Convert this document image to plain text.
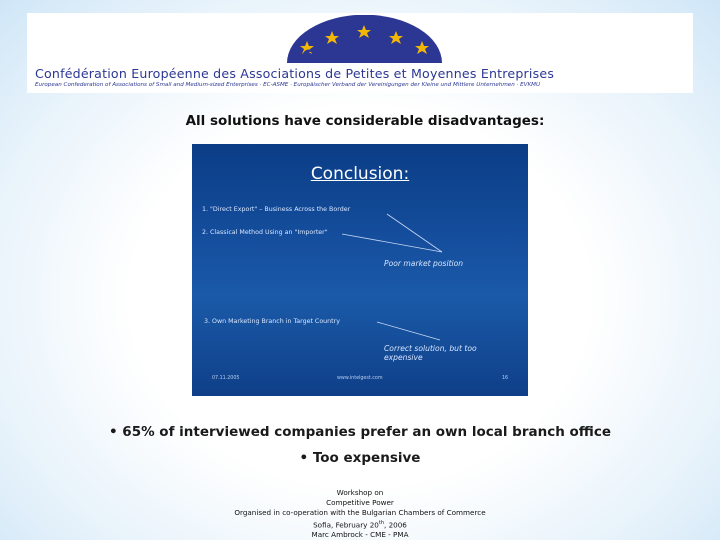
CEA-PME
Confédération Européenne des Associations de Petites et Moyennes Entreprises
European Confederation of Associations of Small and Medium-sized Enterprises · EC-ASME · Europäischer Verband der Vereinigungen der Kleine und Mittlere Unternehmen · EVKMU
All solutions have considerable disadvantages:
Conclusion:
1. "Direct Export" – Business Across the Border
2. Classical Method Using an "Importer"
3. Own Marketing Branch in Target Country
Poor market position
Correct solution, but too expensive
07.11.2005	www.intelgest.com	16
• 65% of interviewed companies prefer an own local branch office
• Too expensive
Workshop on
Competitive Power
Organised in co-operation with the Bulgarian Chambers of Commerce
Sofia, February 20th, 2006
Marc Ambrock - CME - PMA
